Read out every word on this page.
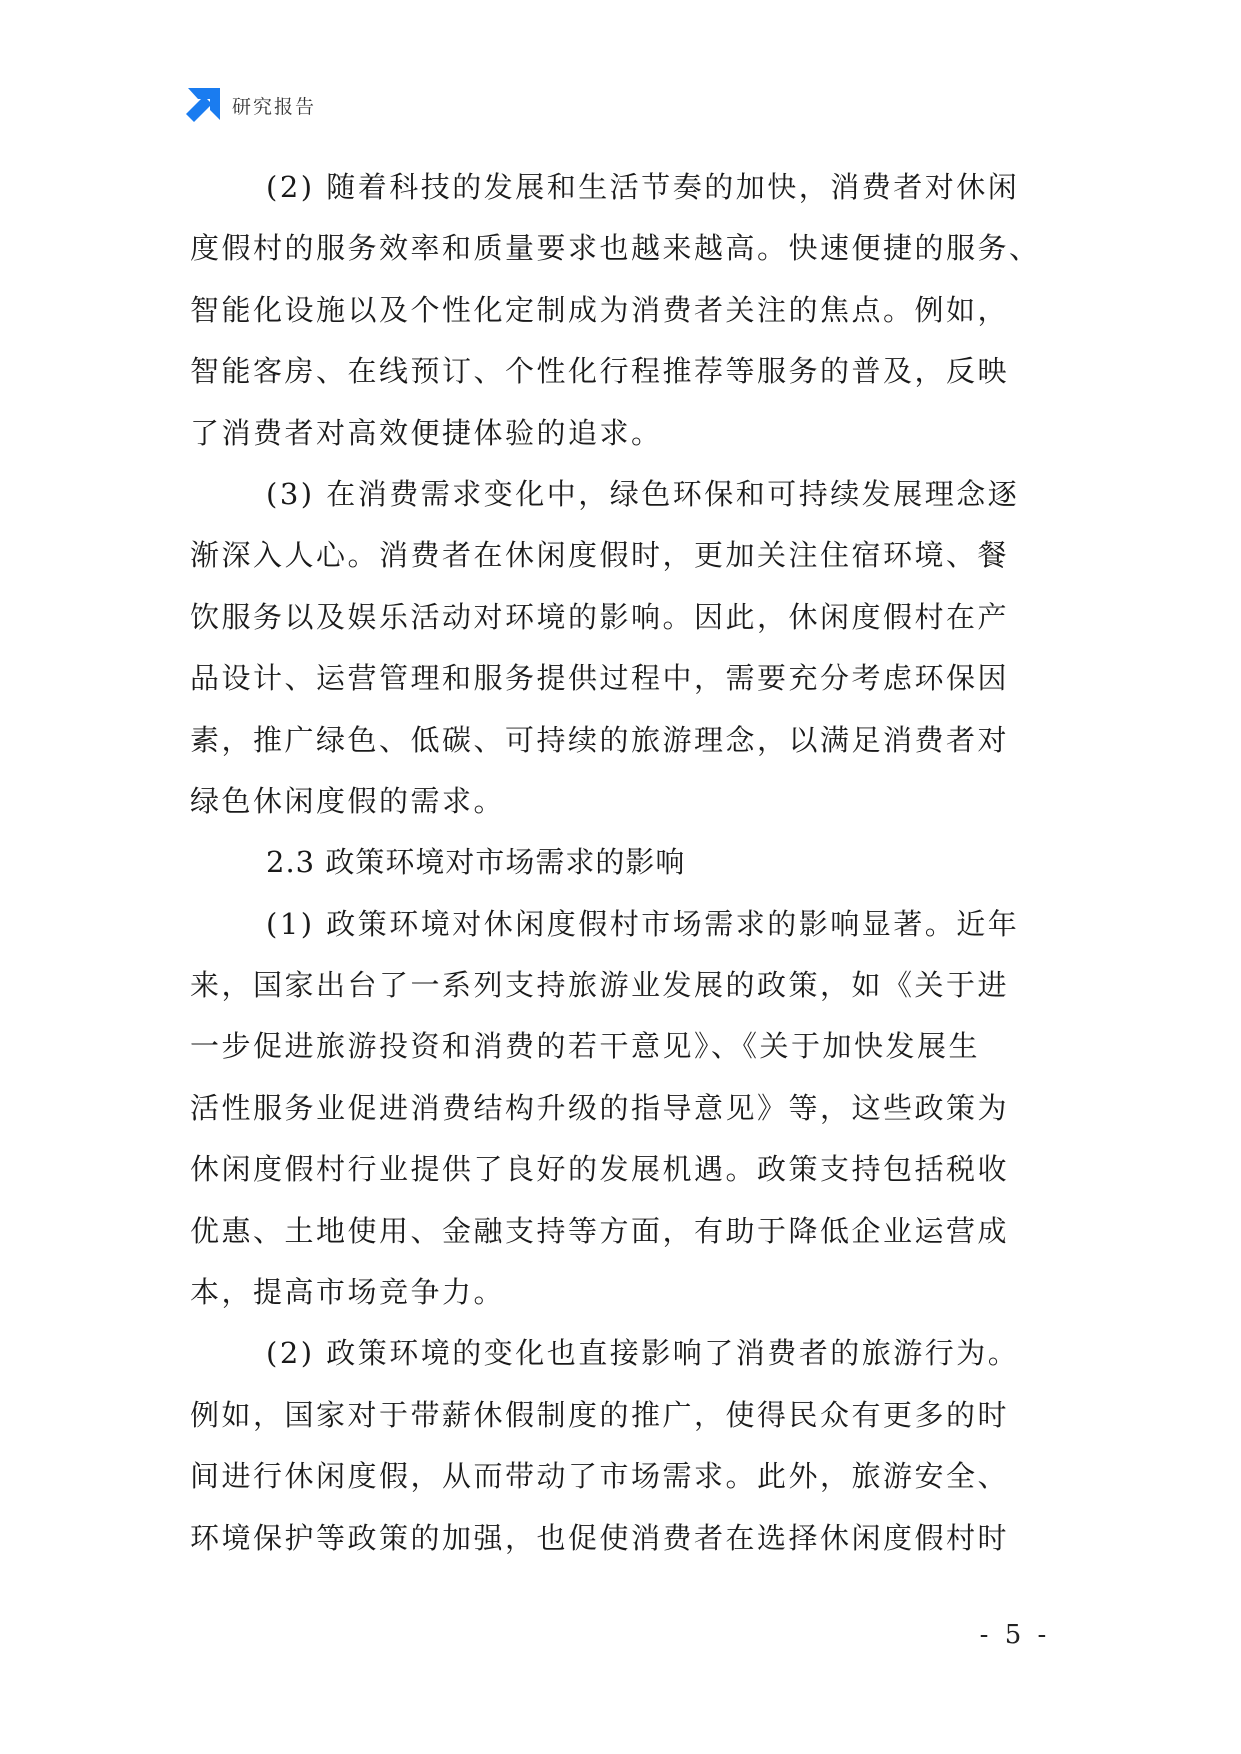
研究报告
(2) 随着科技的发展和生活节奏的加快，消费者对休闲
度假村的服务效率和质量要求也越来越高。快速便捷的服务、
智能化设施以及个性化定制成为消费者关注的焦点。例如，
智能客房、在线预订、个性化行程推荐等服务的普及，反映
了消费者对高效便捷体验的追求。
(3) 在消费需求变化中，绿色环保和可持续发展理念逐
渐深入人心。消费者在休闲度假时，更加关注住宿环境、餐
饮服务以及娱乐活动对环境的影响。因此，休闲度假村在产
品设计、运营管理和服务提供过程中，需要充分考虑环保因
素，推广绿色、低碳、可持续的旅游理念，以满足消费者对
绿色休闲度假的需求。
2.3 政策环境对市场需求的影响
(1) 政策环境对休闲度假村市场需求的影响显著。近年
来，国家出台了一系列支持旅游业发展的政策，如《关于进
一步促进旅游投资和消费的若干意见》、《关于加快发展生
活性服务业促进消费结构升级的指导意见》等，这些政策为
休闲度假村行业提供了良好的发展机遇。政策支持包括税收
优惠、土地使用、金融支持等方面，有助于降低企业运营成
本，提高市场竞争力。
(2) 政策环境的变化也直接影响了消费者的旅游行为。
例如，国家对于带薪休假制度的推广，使得民众有更多的时
间进行休闲度假，从而带动了市场需求。此外，旅游安全、
环境保护等政策的加强，也促使消费者在选择休闲度假村时
- 5 -
